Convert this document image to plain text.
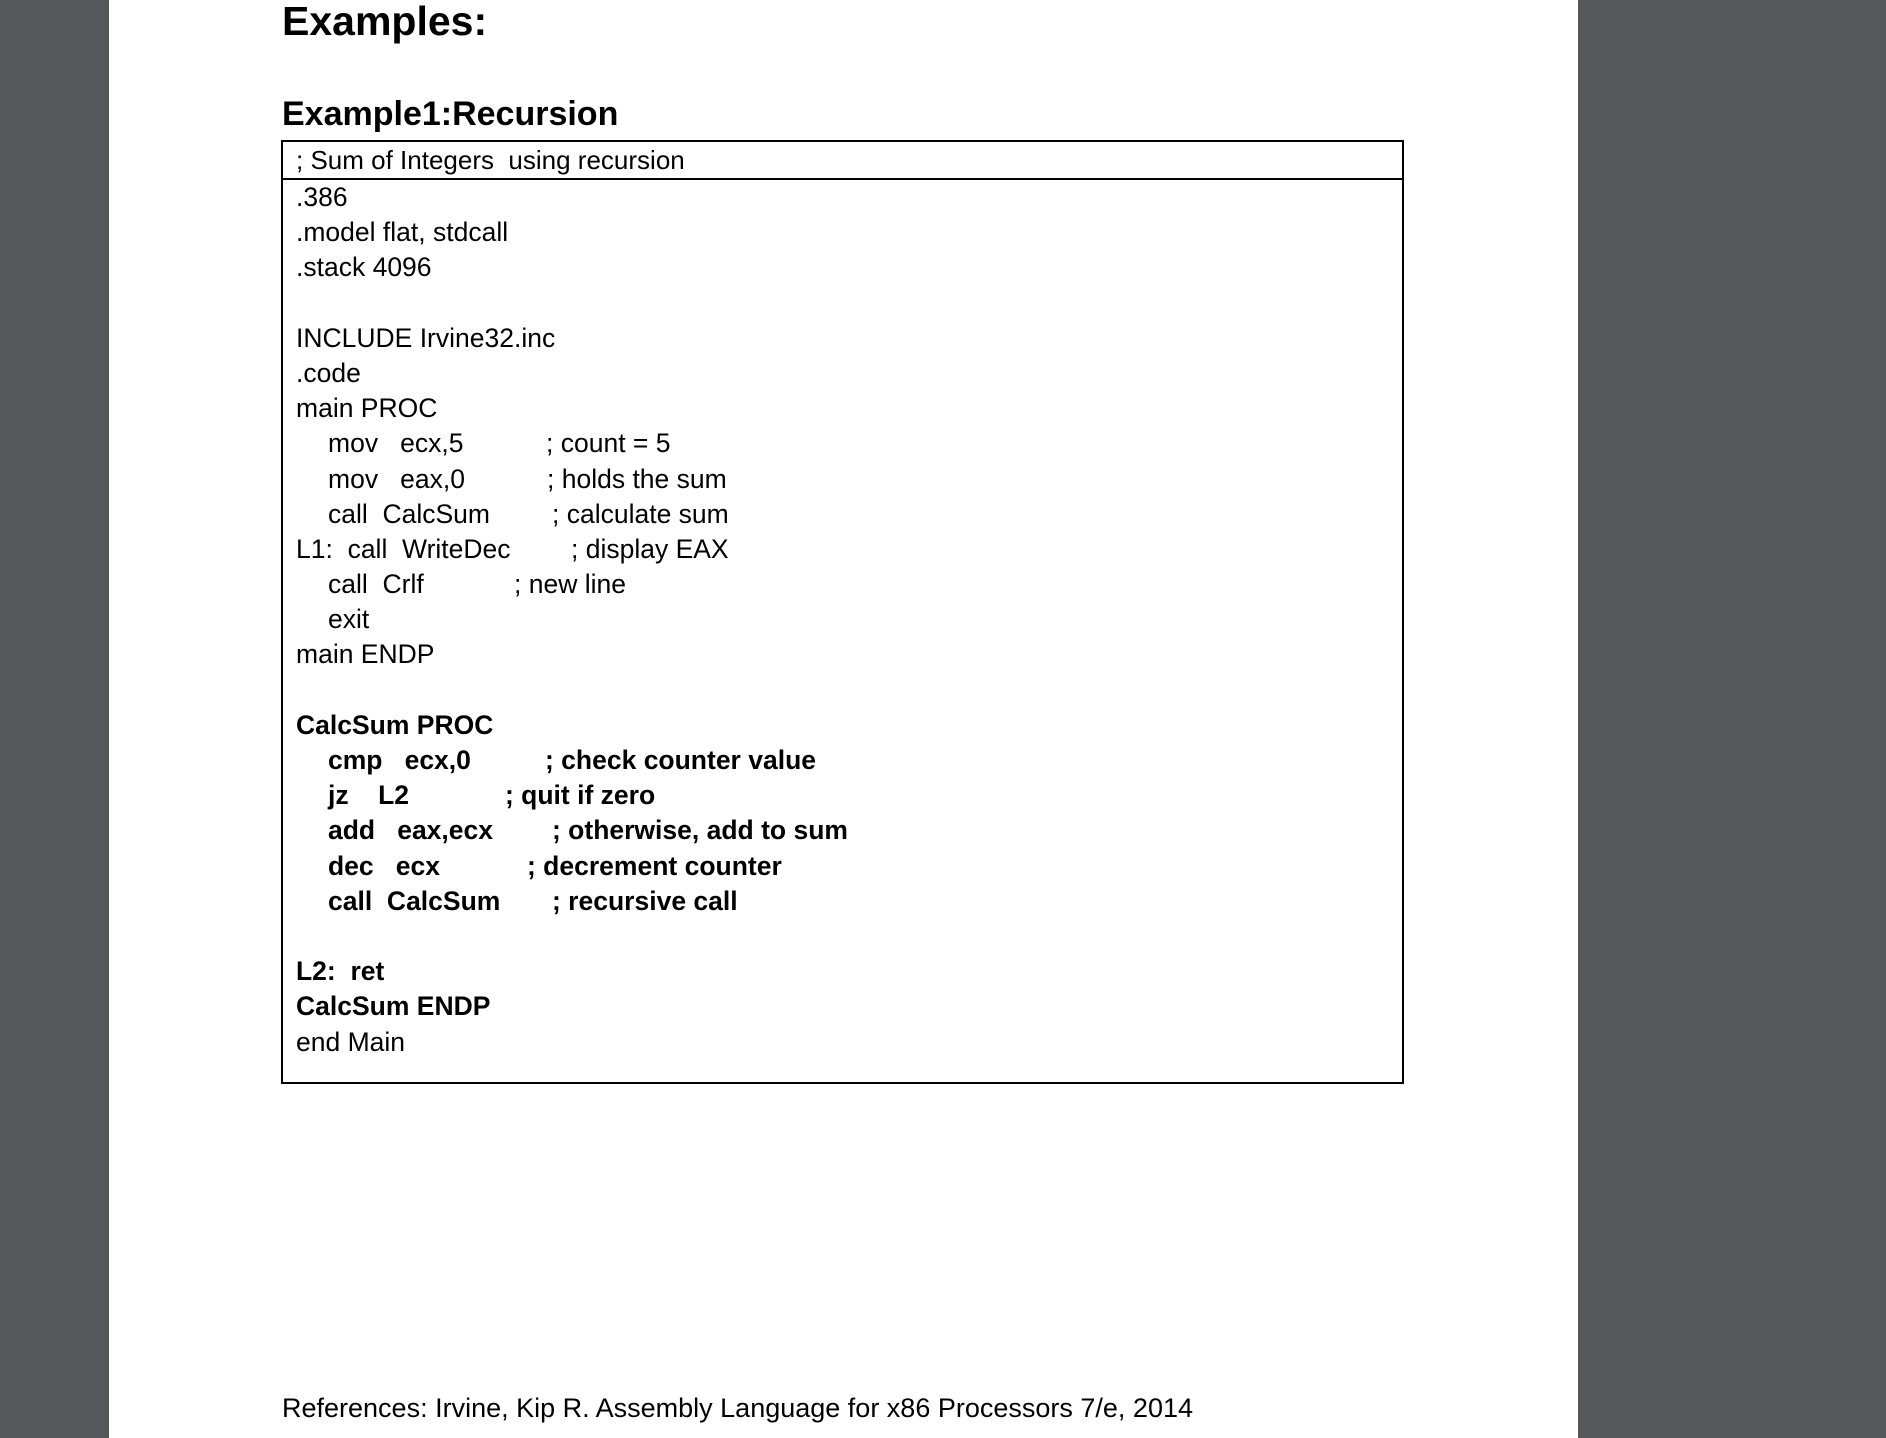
Examples:
Example1:Recursion
; Sum of Integers  using recursion
.386
.model flat, stdcall
.stack 4096
INCLUDE Irvine32.inc
.code
main PROC
mov   ecx,5	; count = 5
mov   eax,0	; holds the sum
call  CalcSum ; calculate sum
L1:  call  WriteDec ; display EAX
call  Crlf	; new line
exit
main ENDP
CalcSum PROC
cmp   ecx,0	; check counter value
jz    L2	; quit if zero
add   eax,ecx ; otherwise, add to sum
dec   ecx	; decrement counter
call  CalcSum ; recursive call
L2:  ret
CalcSum ENDP
end Main
References: Irvine, Kip R. Assembly Language for x86 Processors 7/e, 2014
